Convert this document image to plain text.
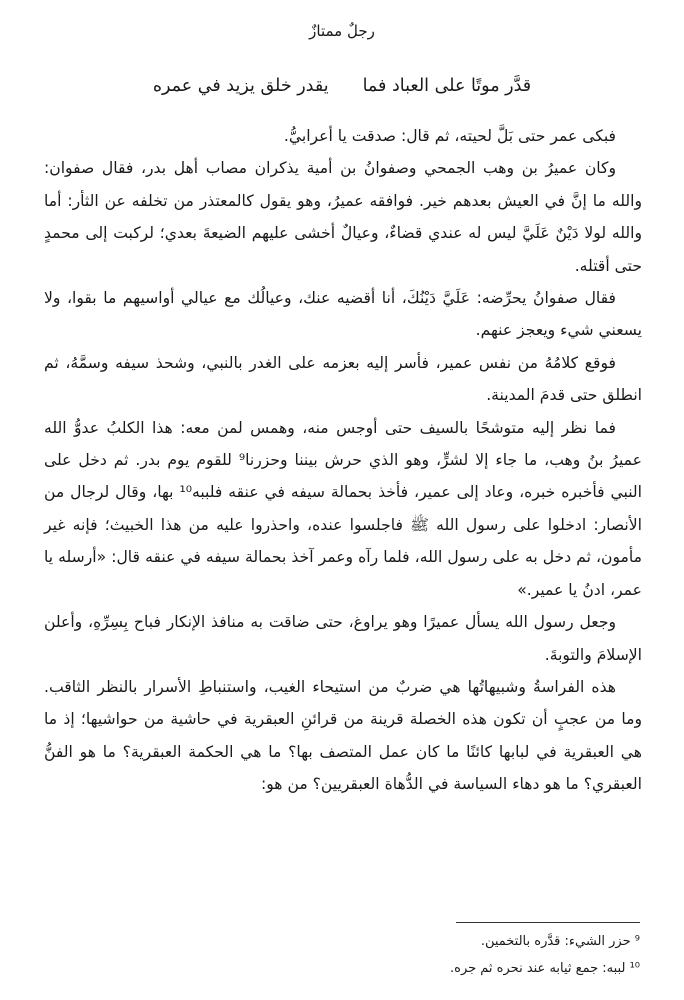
رجلٌ ممتازٌ
قدَّر موتًا على العباد فما
يقدر خلق يزيد في عمره

فبكى عمر حتى بَلَّ لحيته، ثم قال: صدقت يا أعرابيُّ.

وكان عميرُ بن وهب الجمحي وصفوانُ بن أمية يذكران مصاب أهل بدر، فقال صفوان: والله ما إنَّ في العيش بعدهم خير. فوافقه عميرُ، وهو يقول كالمعتذر من تخلفه عن الثأر: أما والله لولا دَيْنٌ عَلَيَّ ليس له عندي قضاءٌ، وعيالٌ أخشى عليهم الضيعةَ بعدي؛ لركبت إلى محمدٍ حتى أقتله.

فقال صفوانُ يحرِّضه: عَلَيَّ دَيْنُكَ، أنا أقضيه عنك، وعيالُك مع عيالي أواسيهم ما بقوا، ولا يسعني شيء ويعجز عنهم.

فوقع كلامُهُ من نفس عمير، فأسر إليه بعزمه على الغدر بالنبي، وشحذ سيفه وسمَّهُ، ثم انطلق حتى قدمَ المدينة.

فما نظر إليه متوشحًا بالسيف حتى أوجس منه، وهمس لمن معه: هذا الكلبُ عدوُّ الله عميرُ بنُ وهب، ما جاء إلا لشرٍّ، وهو الذي حرش بيننا وحزرنا⁹ للقوم يوم بدر. ثم دخل على النبي فأخبره خبره، وعاد إلى عمير، فأخذ بحمالة سيفه في عنقه فلببه¹⁰ بها، وقال لرجال من الأنصار: ادخلوا على رسول الله ﷺ فاجلسوا عنده، واحذروا عليه من هذا الخبيث؛ فإنه غير مأمون، ثم دخل به على رسول الله، فلما رآه وعمر آخذ بحمالة سيفه في عنقه قال: «أرسله يا عمر، ادنُ يا عمير.»

وجعل رسول الله يسأل عميرًا وهو يراوغ، حتى ضاقت به منافذ الإنكار فباح بِسِرِّهِ، وأعلن الإسلامَ والتوبةَ.

هذه الفراسةُ وشبيهاتُها هي ضربٌ من استيحاء الغيب، واستنباطِ الأسرار بالنظر الثاقب. وما من عجبٍ أن تكون هذه الخصلة قرينة من قرائنِ العبقرية في حاشية من حواشيها؛ إذ ما هي العبقرية في لبابها كائنًا ما كان عمل المتصف بها؟ ما هي الحكمة العبقرية؟ ما هو الفنُّ العبقري؟ ما هو دهاء السياسة في الدُّهاة العبقريين؟ من هو:

⁹ حزر الشيء: قدَّره بالتخمين.
¹⁰ لببه: جمع ثيابه عند نحره ثم جره.
